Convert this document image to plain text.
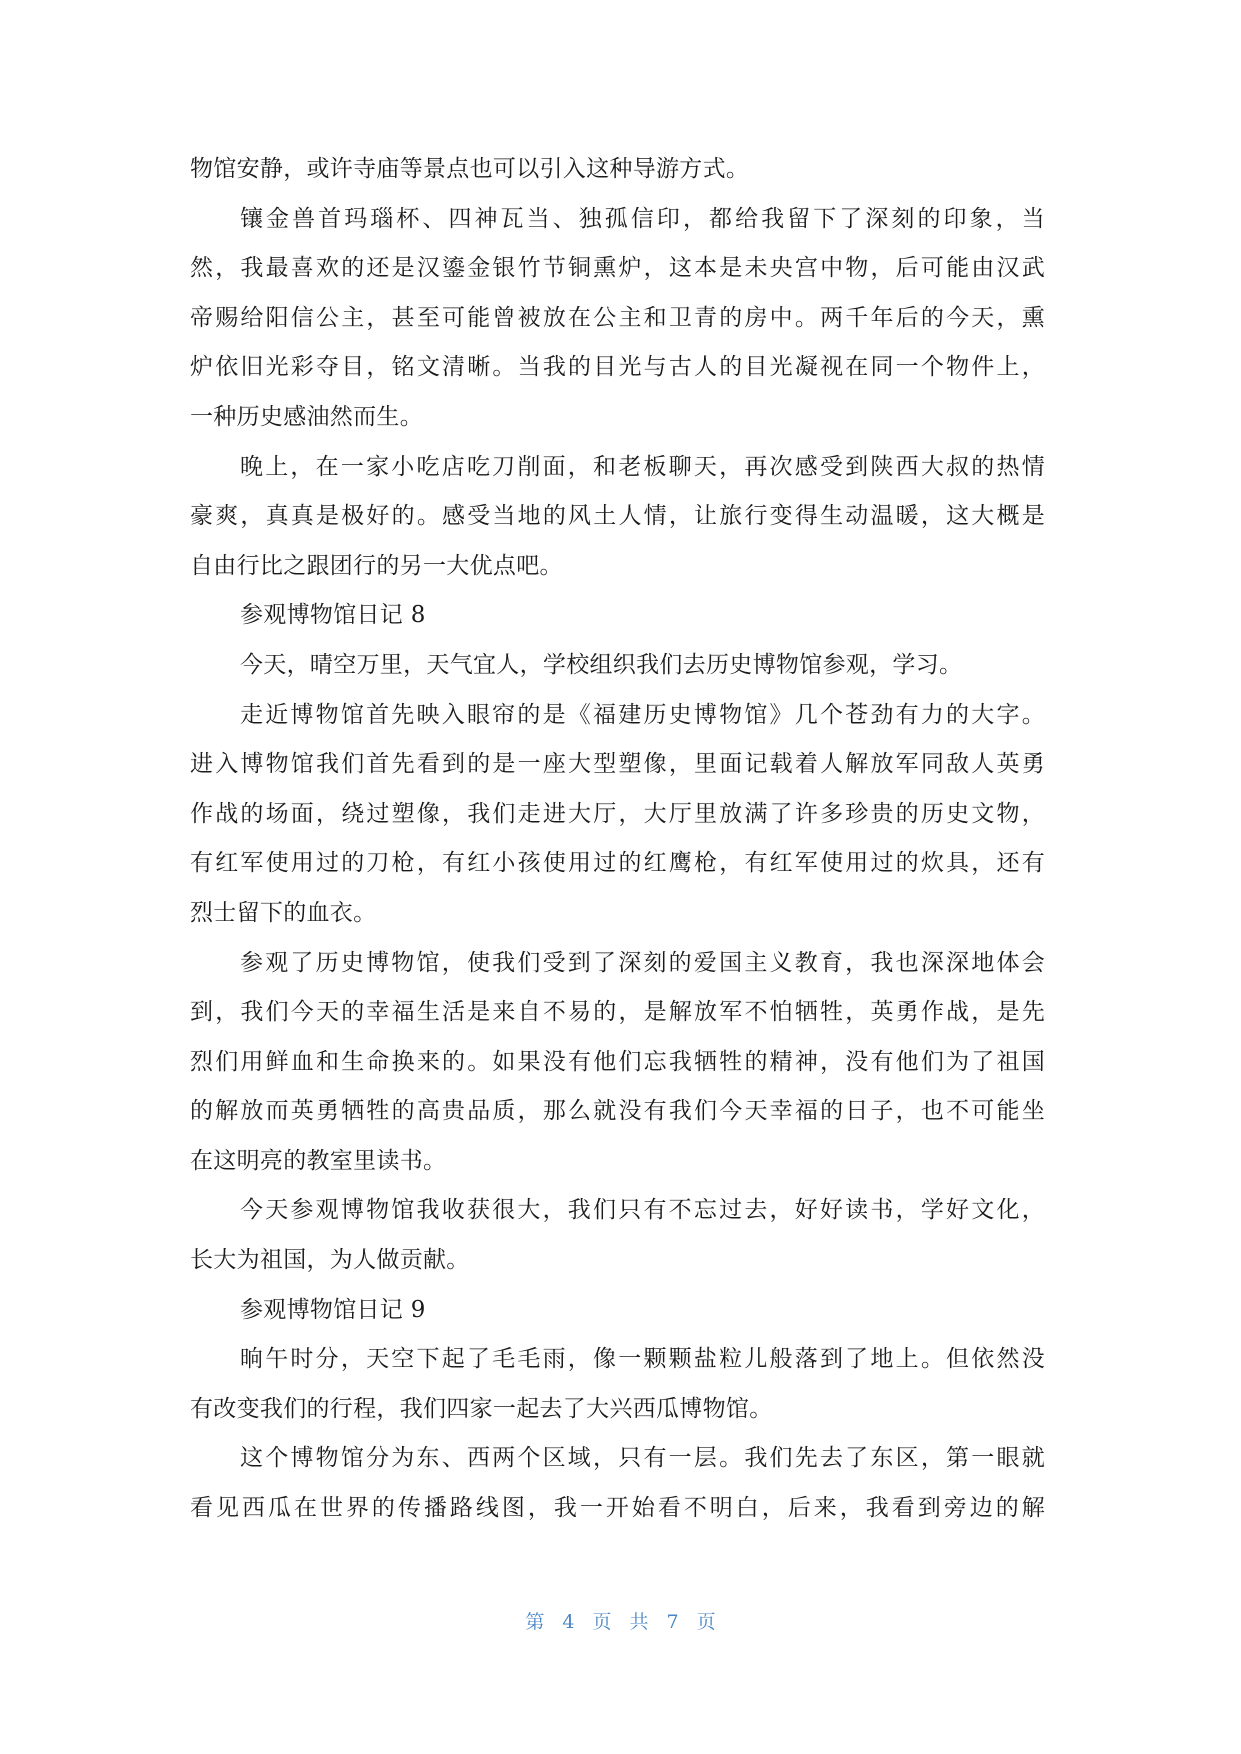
物馆安静，或许寺庙等景点也可以引入这种导游方式。
镶金兽首玛瑙杯、四神瓦当、独孤信印，都给我留下了深刻的印象，当
然，我最喜欢的还是汉鎏金银竹节铜熏炉，这本是未央宫中物，后可能由汉武
帝赐给阳信公主，甚至可能曾被放在公主和卫青的房中。两千年后的今天，熏
炉依旧光彩夺目，铭文清晰。当我的目光与古人的目光凝视在同一个物件上，
一种历史感油然而生。
晚上，在一家小吃店吃刀削面，和老板聊天，再次感受到陕西大叔的热情
豪爽，真真是极好的。感受当地的风土人情，让旅行变得生动温暖，这大概是
自由行比之跟团行的另一大优点吧。
参观博物馆日记 8
今天，晴空万里，天气宜人，学校组织我们去历史博物馆参观，学习。
走近博物馆首先映入眼帘的是《福建历史博物馆》几个苍劲有力的大字。
进入博物馆我们首先看到的是一座大型塑像，里面记载着人解放军同敌人英勇
作战的场面，绕过塑像，我们走进大厅，大厅里放满了许多珍贵的历史文物，
有红军使用过的刀枪，有红小孩使用过的红鹰枪，有红军使用过的炊具，还有
烈士留下的血衣。
参观了历史博物馆，使我们受到了深刻的爱国主义教育，我也深深地体会
到，我们今天的幸福生活是来自不易的，是解放军不怕牺牲，英勇作战，是先
烈们用鲜血和生命换来的。如果没有他们忘我牺牲的精神，没有他们为了祖国
的解放而英勇牺牲的高贵品质，那么就没有我们今天幸福的日子，也不可能坐
在这明亮的教室里读书。
今天参观博物馆我收获很大，我们只有不忘过去，好好读书，学好文化，
长大为祖国，为人做贡献。
参观博物馆日记 9
晌午时分，天空下起了毛毛雨，像一颗颗盐粒儿般落到了地上。但依然没
有改变我们的行程，我们四家一起去了大兴西瓜博物馆。
这个博物馆分为东、西两个区域，只有一层。我们先去了东区，第一眼就
看见西瓜在世界的传播路线图，我一开始看不明白，后来，我看到旁边的解
第 4 页 共 7 页
